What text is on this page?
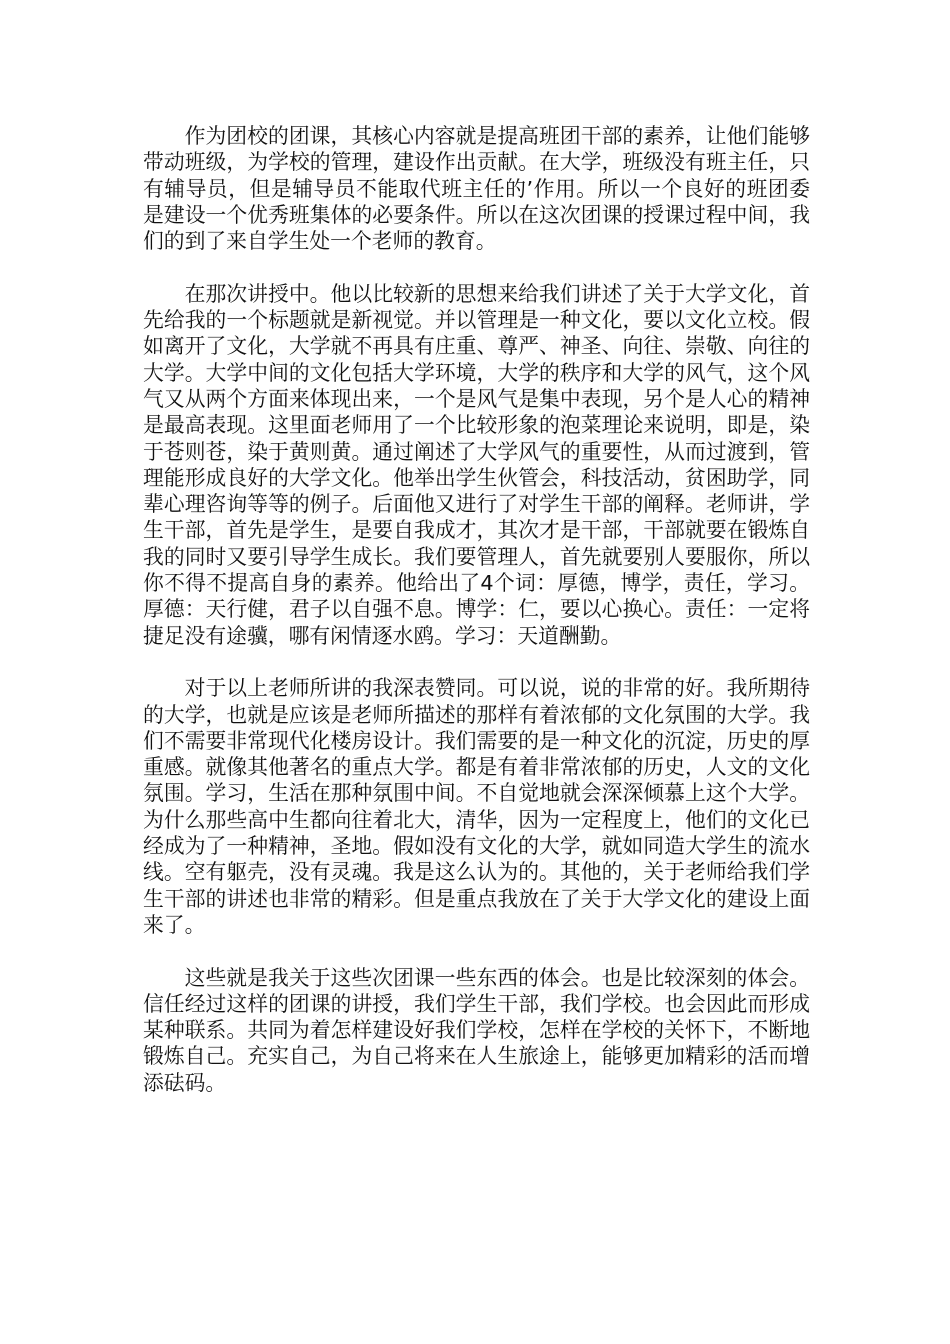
作为团校的团课，其核心内容就是提高班团干部的素养，让他们能够带动班级，为学校的管理，建设作出贡献。在大学，班级没有班主任，只有辅导员，但是辅导员不能取代班主任的’作用。所以一个良好的班团委是建设一个优秀班集体的必要条件。所以在这次团课的授课过程中间，我们的到了来自学生处一个老师的教育。

在那次讲授中。他以比较新的思想来给我们讲述了关于大学文化，首先给我的一个标题就是新视觉。并以管理是一种文化，要以文化立校。假如离开了文化，大学就不再具有庄重、尊严、神圣、向往、崇敬、向往的大学。大学中间的文化包括大学环境，大学的秩序和大学的风气，这个风气又从两个方面来体现出来，一个是风气是集中表现，另个是人心的精神是最高表现。这里面老师用了一个比较形象的泡菜理论来说明，即是，染于苍则苍，染于黄则黄。通过阐述了大学风气的重要性，从而过渡到，管理能形成良好的大学文化。他举出学生伙管会，科技活动，贫困助学，同辈心理咨询等等的例子。后面他又进行了对学生干部的阐释。老师讲，学生干部，首先是学生，是要自我成才，其次才是干部，干部就要在锻炼自我的同时又要引导学生成长。我们要管理人，首先就要别人要服你，所以你不得不提高自身的素养。他给出了4个词：厚德，博学，责任，学习。厚德：天行健，君子以自强不息。博学：仁，要以心换心。责任：一定将捷足没有途骥，哪有闲情逐水鸥。学习：天道酬勤。

对于以上老师所讲的我深表赞同。可以说，说的非常的好。我所期待的大学，也就是应该是老师所描述的那样有着浓郁的文化氛围的大学。我们不需要非常现代化楼房设计。我们需要的是一种文化的沉淀，历史的厚重感。就像其他著名的重点大学。都是有着非常浓郁的历史，人文的文化氛围。学习，生活在那种氛围中间。不自觉地就会深深倾慕上这个大学。为什么那些高中生都向往着北大，清华，因为一定程度上，他们的文化已经成为了一种精神，圣地。假如没有文化的大学，就如同造大学生的流水线。空有躯壳，没有灵魂。我是这么认为的。其他的，关于老师给我们学生干部的讲述也非常的精彩。但是重点我放在了关于大学文化的建设上面来了。

这些就是我关于这些次团课一些东西的体会。也是比较深刻的体会。信任经过这样的团课的讲授，我们学生干部，我们学校。也会因此而形成某种联系。共同为着怎样建设好我们学校，怎样在学校的关怀下，不断地锻炼自己。充实自己，为自己将来在人生旅途上，能够更加精彩的活而增添砝码。
